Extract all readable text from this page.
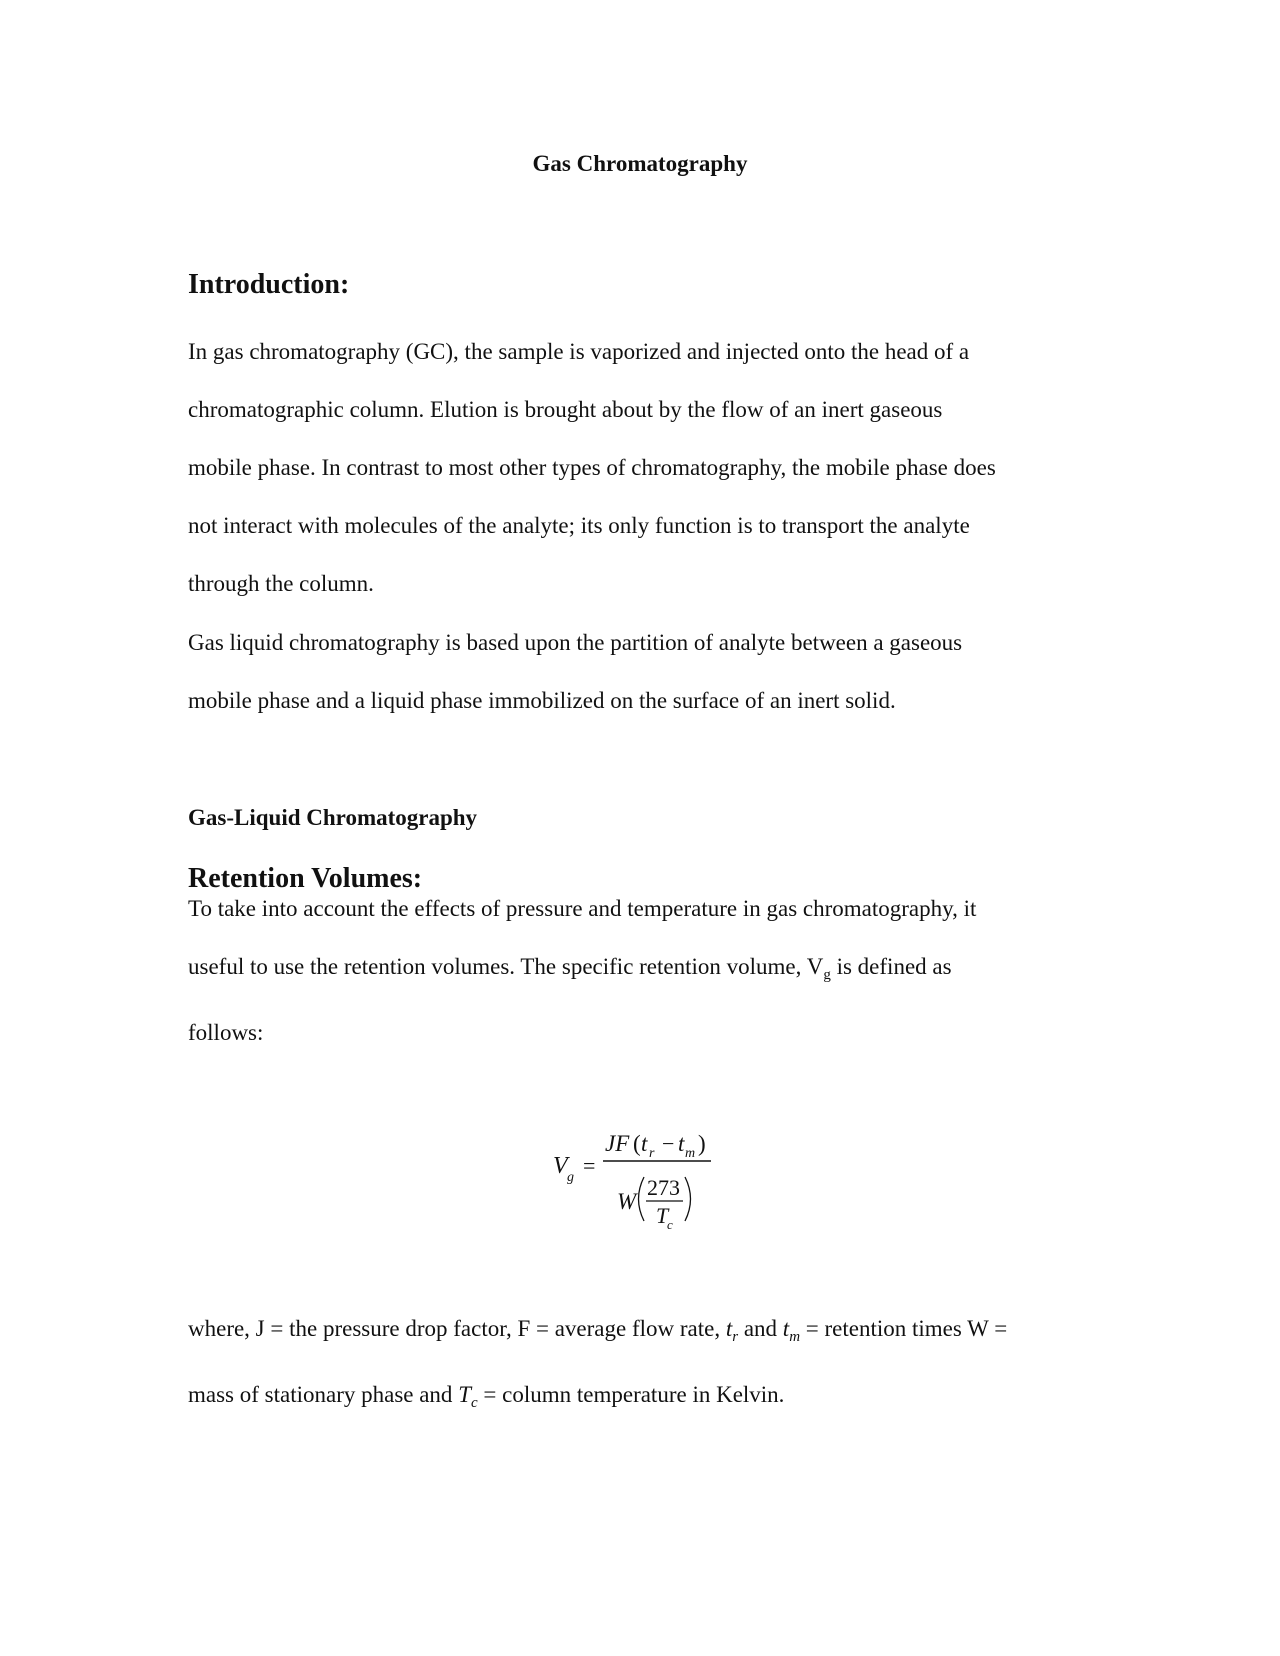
Gas Chromatography
Introduction:
In gas chromatography (GC), the sample is vaporized and injected onto the head of a
chromatographic column. Elution is brought about by the flow of an inert gaseous
mobile phase. In contrast to most other types of chromatography, the mobile phase does
not interact with molecules of the analyte; its only function is to transport the analyte
through the column.
Gas liquid chromatography is based upon the partition of analyte between a gaseous
mobile phase and a liquid phase immobilized on the surface of an inert solid.
Gas-Liquid Chromatography
Retention Volumes:
To take into account the effects of pressure and temperature in gas chromatography, it
useful to use the retention volumes. The specific retention volume, $V_g$ is defined as
follows:
V g =
JF ( t r − t m )
W
273
T
c
where, J = the pressure drop factor, F = average flow rate, $t_r$ and $t_m$ = retention times W =
mass of stationary phase and $T_c$ = column temperature in Kelvin.
